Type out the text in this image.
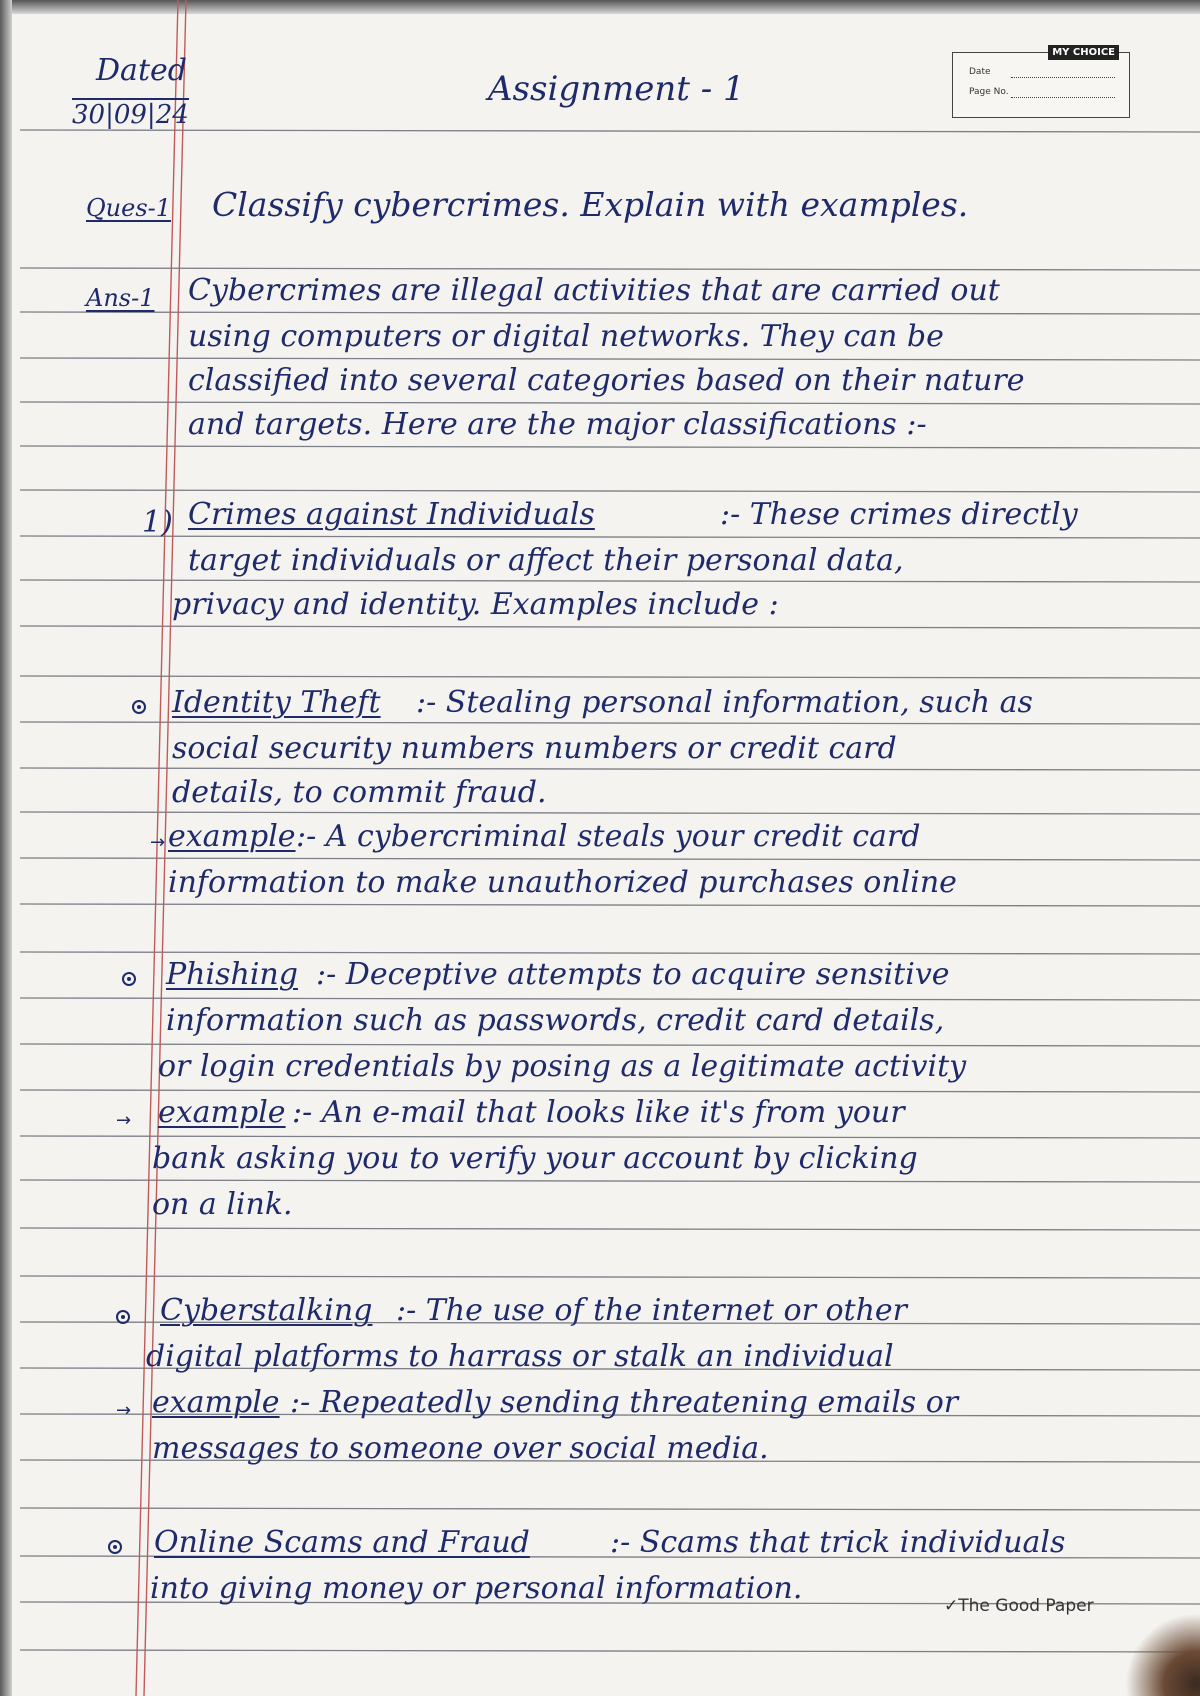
MY CHOICE
Date
Page No.
Dated
30|09|24
Assignment - 1
Ques-1 Classify cybercrimes. Explain with examples.
Ans-1 Cybercrimes are illegal activities that are carried out
using computers or digital networks. They can be
classified into several categories based on their nature
and targets. Here are the major classifications :-
1) Crimes against Individuals	:- These crimes directly
target individuals or affect their personal data,
privacy and identity. Examples include :
Identity Theft :- Stealing personal information, such as
social security numbers numbers or credit card
details, to commit fraud.
→ example :- A cybercriminal steals your credit card
information to make unauthorized purchases online
Phishing :- Deceptive attempts to acquire sensitive
information such as passwords, credit card details,
or login credentials by posing as a legitimate activity
→ example :- An e-mail that looks like it's from your
bank asking you to verify your account by clicking
on a link.
Cyberstalking :- The use of the internet or other
digital platforms to harrass or stalk an individual
→ example :- Repeatedly sending threatening emails or
messages to someone over social media.
Online Scams and Fraud	:- Scams that trick individuals
into giving money or personal information.	✓The Good Paper
